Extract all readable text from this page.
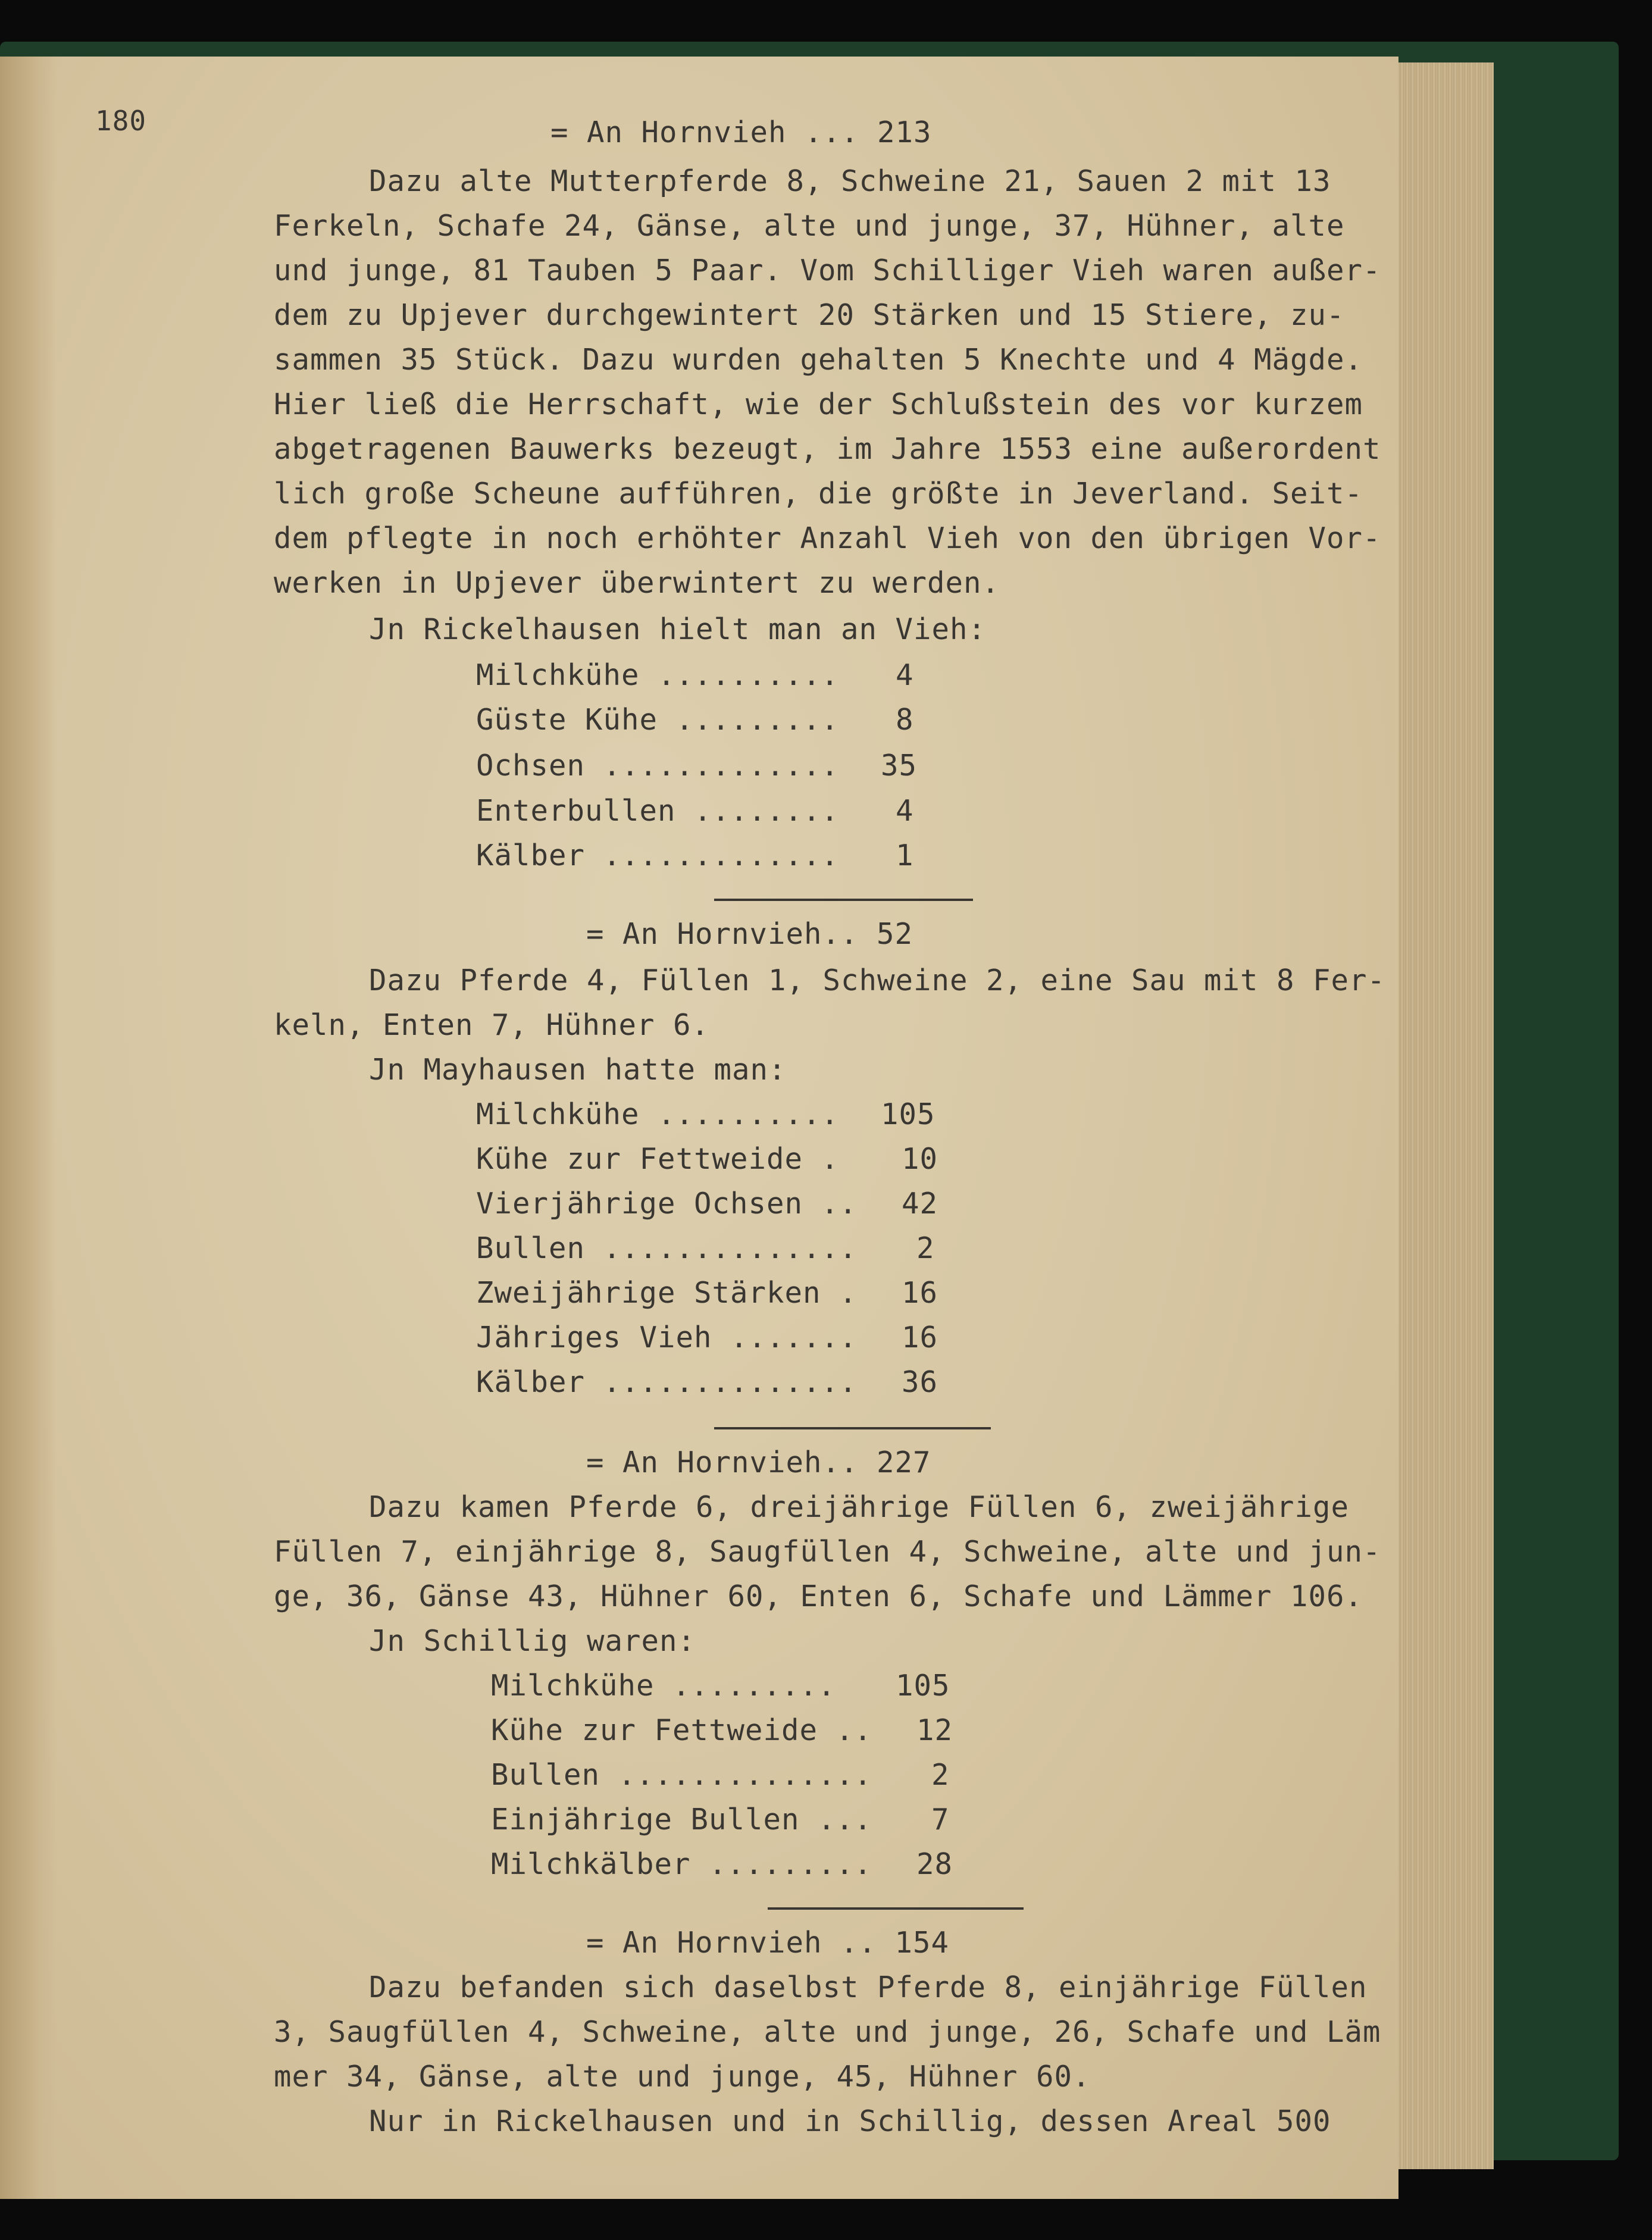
180	= An Hornvieh ... 213
Dazu alte Mutterpferde 8, Schweine 21, Sauen 2 mit 13
Ferkeln, Schafe 24, Gänse, alte und junge, 37, Hühner, alte
und junge, 81 Tauben 5 Paar. Vom Schilliger Vieh waren außer-
dem zu Upjever durchgewintert 20 Stärken und 15 Stiere, zu-
sammen 35 Stück. Dazu wurden gehalten 5 Knechte und 4 Mägde.
Hier ließ die Herrschaft, wie der Schlußstein des vor kurzem
abgetragenen Bauwerks bezeugt, im Jahre 1553 eine außerordent
lich große Scheune aufführen, die größte in Jeverland. Seit-
dem pflegte in noch erhöhter Anzahl Vieh von den übrigen Vor-
werken in Upjever überwintert zu werden.
Jn Rickelhausen hielt man an Vieh:
Milchkühe .......... 4
Güste Kühe ......... 8
Ochsen ............. 35
Enterbullen ........ 4
Kälber ............. 1
= An Hornvieh.. 52
Dazu Pferde 4, Füllen 1, Schweine 2, eine Sau mit 8 Fer-
keln, Enten 7, Hühner 6.
Jn Mayhausen hatte man:
Milchkühe .......... 105
Kühe zur Fettweide . 10
Vierjährige Ochsen .. 42
Bullen .............. 2
Zweijährige Stärken . 16
Jähriges Vieh ....... 16
Kälber .............. 36
= An Hornvieh.. 227
Dazu kamen Pferde 6, dreijährige Füllen 6, zweijährige
Füllen 7, einjährige 8, Saugfüllen 4, Schweine, alte und jun-
ge, 36, Gänse 43, Hühner 60, Enten 6, Schafe und Lämmer 106.
Jn Schillig waren:
Milchkühe ......... 105
Kühe zur Fettweide .. 12
Bullen .............. 2
Einjährige Bullen ... 7
Milchkälber ......... 28
= An Hornvieh .. 154
Dazu befanden sich daselbst Pferde 8, einjährige Füllen
3, Saugfüllen 4, Schweine, alte und junge, 26, Schafe und Läm
mer 34, Gänse, alte und junge, 45, Hühner 60.
Nur in Rickelhausen und in Schillig, dessen Areal 500
